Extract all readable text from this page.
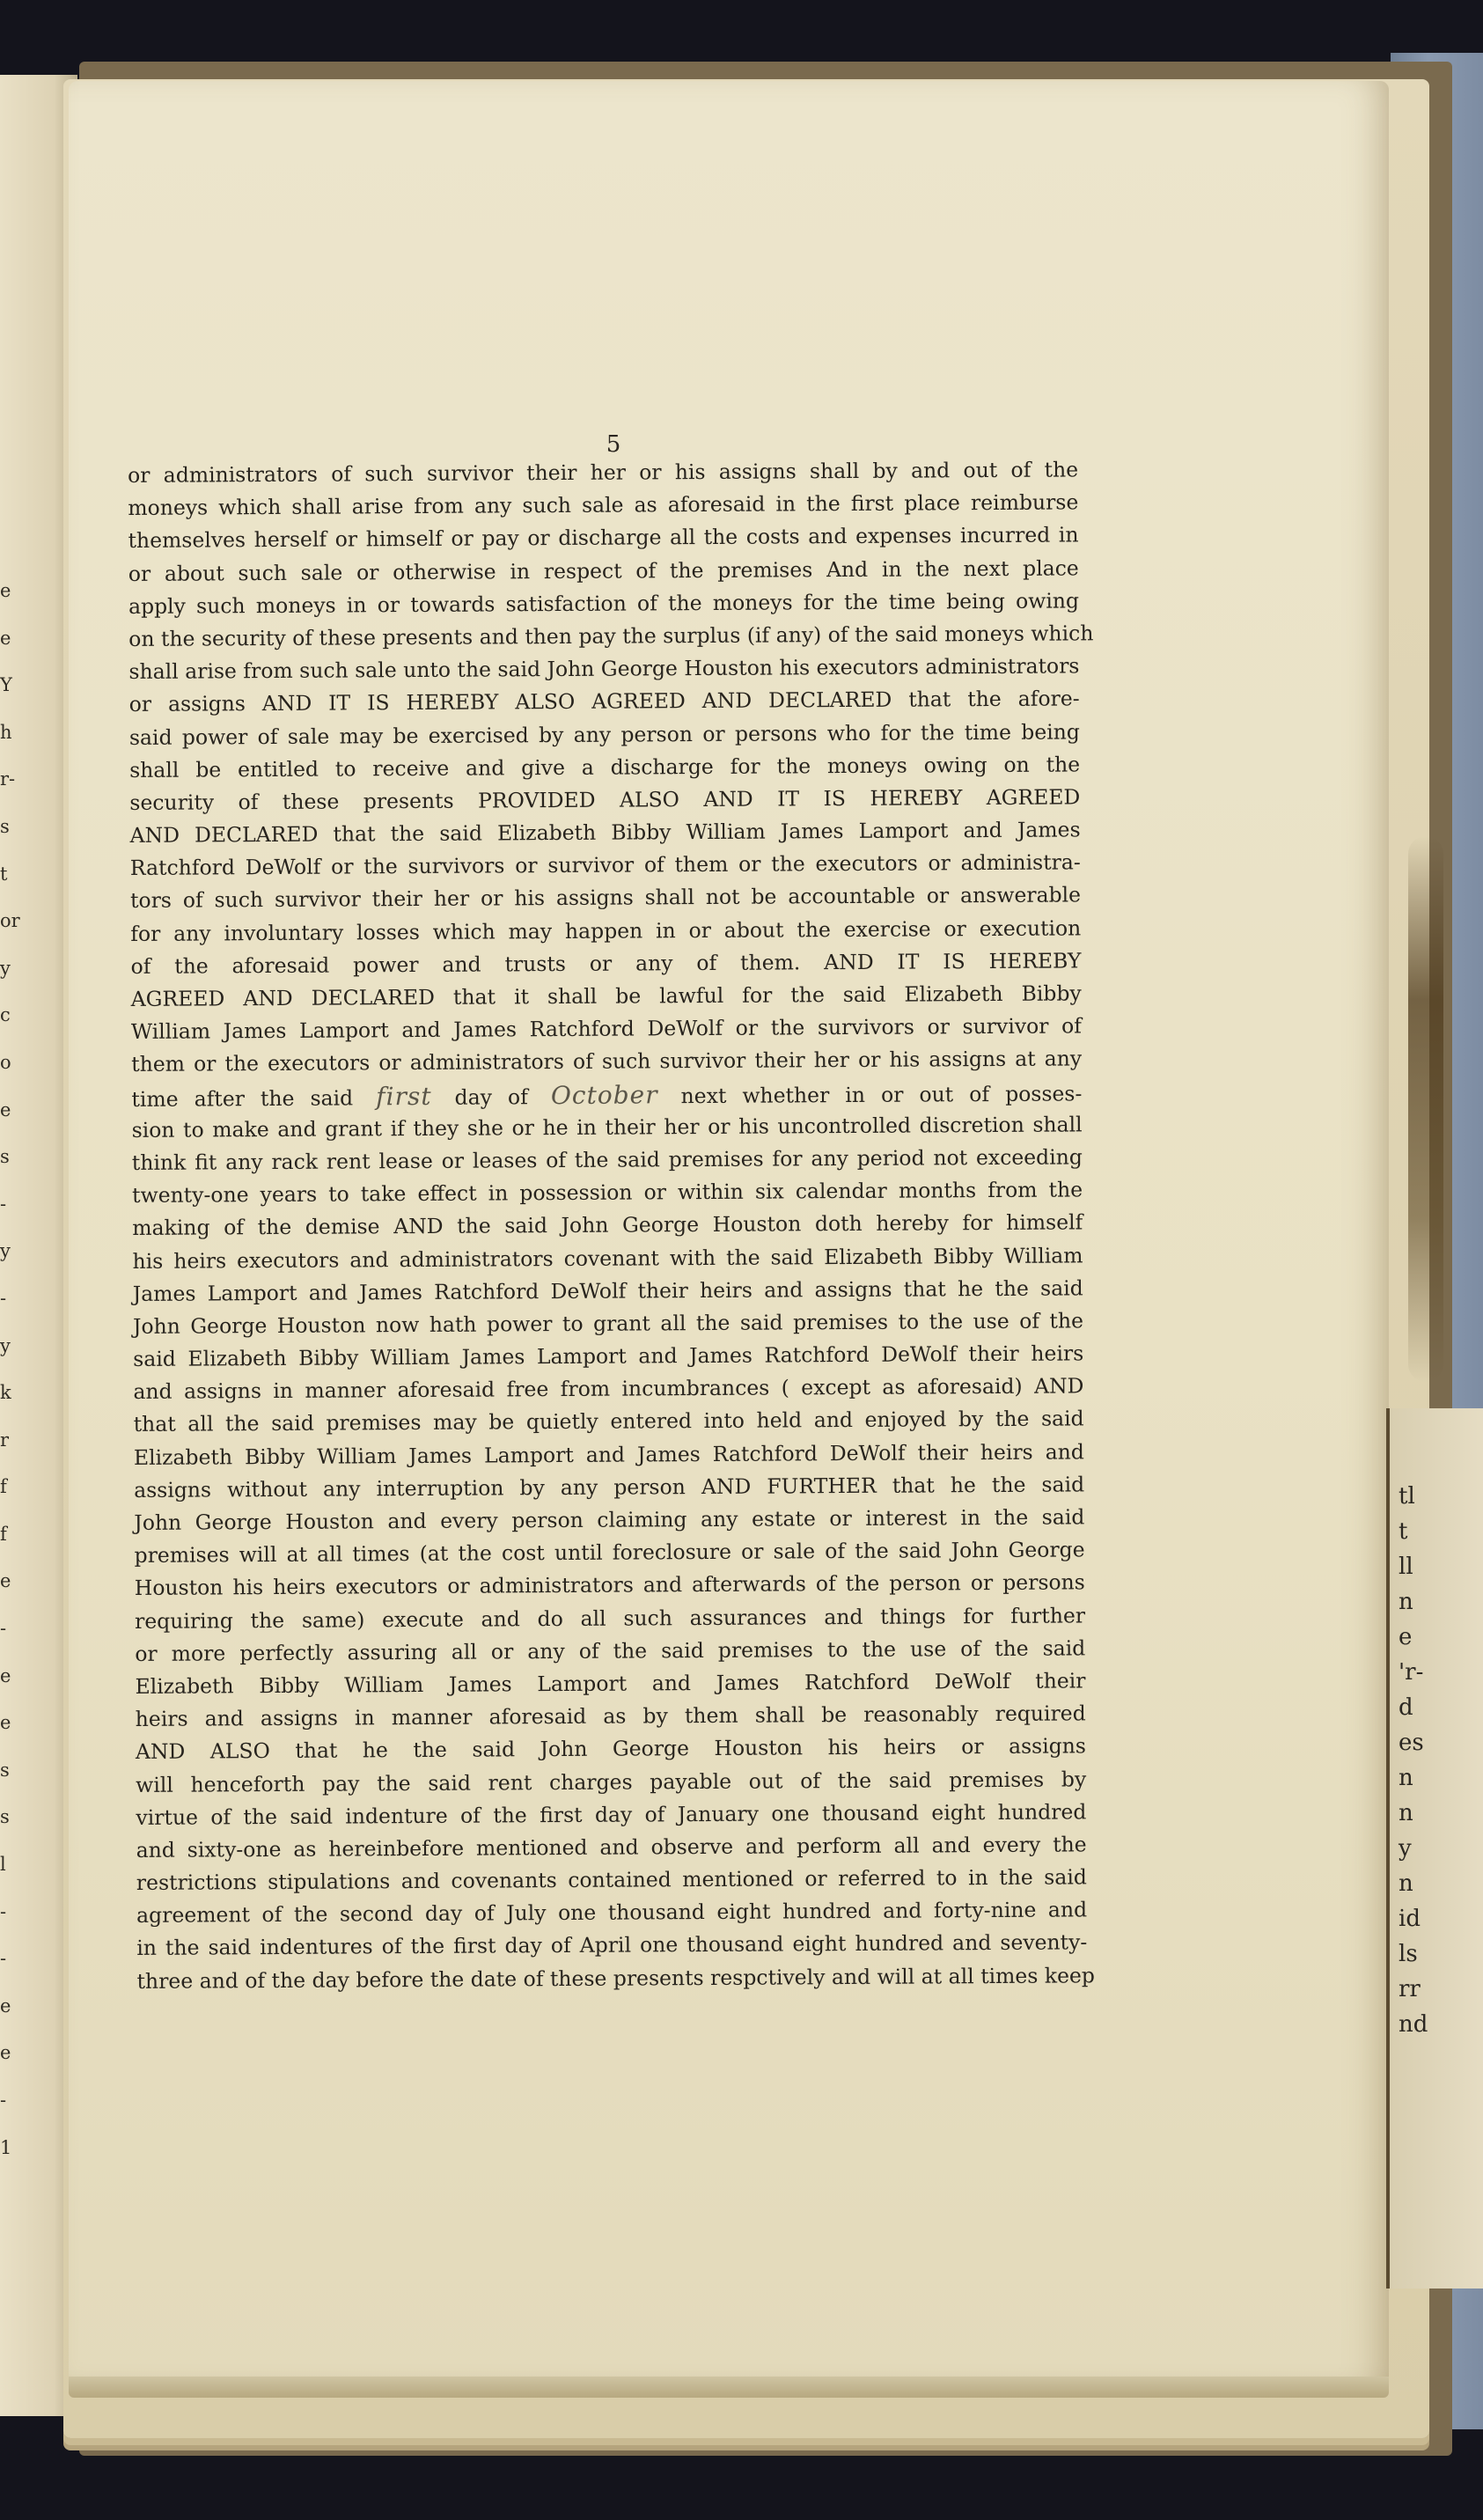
e
e
Y
h
r-
s
t
or
y
c
o
e
s
-
y
-
y
k
r
f
f
e
-
e
e
s
s
l
-
-
e
e
-
1
tl
t
ll
n
e
'r-
d
es
n
n
y
n
id
ls
rr
nd
5
or administrators of such survivor their her or his assigns shall by and out of the
moneys which shall arise from any such sale as aforesaid in the first place reimburse
themselves herself or himself or pay or discharge all the costs and expenses incurred in
or about such sale or otherwise in respect of the premises And in the next place
apply such moneys in or towards satisfaction of the moneys for the time being owing
on the security of these presents and then pay the surplus (if any) of the said moneys which
shall arise from such sale unto the said John George Houston his executors administrators
or assigns AND IT IS HEREBY ALSO AGREED AND DECLARED that the afore-
said power of sale may be exercised by any person or persons who for the time being
shall be entitled to receive and give a discharge for the moneys owing on the
security of these presents PROVIDED ALSO AND IT IS HEREBY AGREED
AND DECLARED that the said Elizabeth Bibby William James Lamport and James
Ratchford DeWolf or the survivors or survivor of them or the executors or administra-
tors of such survivor their her or his assigns shall not be accountable or answerable
for any involuntary losses which may happen in or about the exercise or execution
of the aforesaid power and trusts or any of them. AND IT IS HEREBY
AGREED AND DECLARED that it shall be lawful for the said Elizabeth Bibby
William James Lamport and James Ratchford DeWolf or the survivors or survivor of
them or the executors or administrators of such survivor their her or his assigns at any
time after the said first day of October next whether in or out of posses-
sion to make and grant if they she or he in their her or his uncontrolled discretion shall
think fit any rack rent lease or leases of the said premises for any period not exceeding
twenty-one years to take effect in possession or within six calendar months from the
making of the demise AND the said John George Houston doth hereby for himself
his heirs executors and administrators covenant with the said Elizabeth Bibby William
James Lamport and James Ratchford DeWolf their heirs and assigns that he the said
John George Houston now hath power to grant all the said premises to the use of the
said Elizabeth Bibby William James Lamport and James Ratchford DeWolf their heirs
and assigns in manner aforesaid free from incumbrances ( except as aforesaid) AND
that all the said premises may be quietly entered into held and enjoyed by the said
Elizabeth Bibby William James Lamport and James Ratchford DeWolf their heirs and
assigns without any interruption by any person AND FURTHER that he the said
John George Houston and every person claiming any estate or interest in the said
premises will at all times (at the cost until foreclosure or sale of the said John George
Houston his heirs executors or administrators and afterwards of the person or persons
requiring the same) execute and do all such assurances and things for further
or more perfectly assuring all or any of the said premises to the use of the said
Elizabeth Bibby William James Lamport and James Ratchford DeWolf their
heirs and assigns in manner aforesaid as by them shall be reasonably required
AND ALSO that he the said John George Houston his heirs or assigns
will henceforth pay the said rent charges payable out of the said premises by
virtue of the said indenture of the first day of January one thousand eight hundred
and sixty-one as hereinbefore mentioned and observe and perform all and every the
restrictions stipulations and covenants contained mentioned or referred to in the said
agreement of the second day of July one thousand eight hundred and forty-nine and
in the said indentures of the first day of April one thousand eight hundred and seventy-
three and of the day before the date of these presents respctively and will at all times keep
